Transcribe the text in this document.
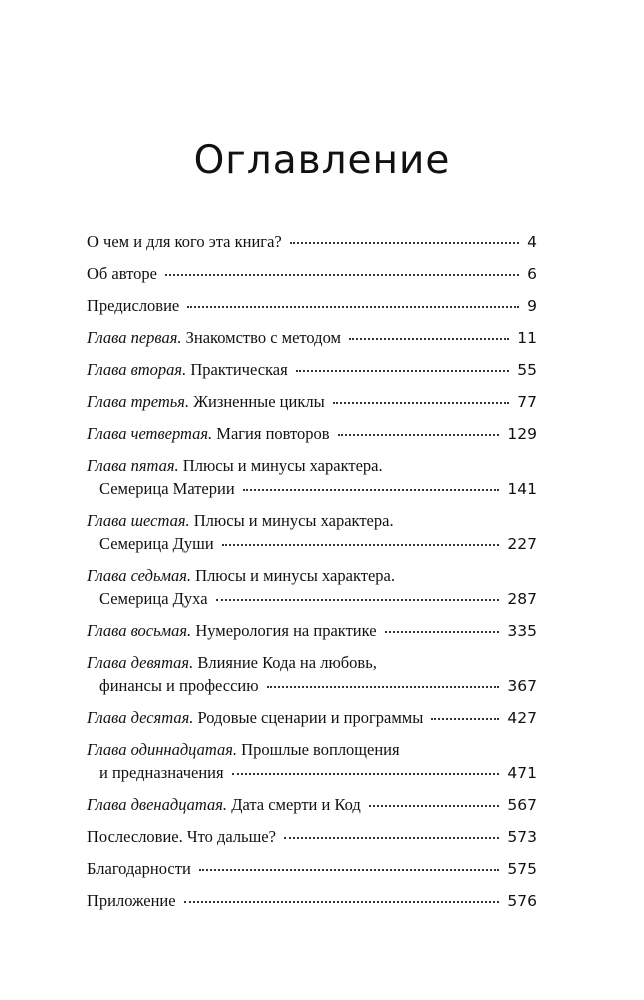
Оглавление
О чем и для кого эта книга?	4
Об авторе	6
Предисловие	9
Глава первая. Знакомство с методом	11
Глава вторая. Практическая	55
Глава третья. Жизненные циклы	77
Глава четвертая. Магия повторов	129
Глава пятая. Плюсы и минусы характера.
Семерица Материи	141
Глава шестая. Плюсы и минусы характера.
Семерица Души	227
Глава седьмая. Плюсы и минусы характера.
Семерица Духа	287
Глава восьмая. Нумерология на практике	335
Глава девятая. Влияние Кода на любовь,
финансы и профессию	367
Глава десятая. Родовые сценарии и программы	427
Глава одиннадцатая. Прошлые воплощения
и предназначения	471
Глава двенадцатая. Дата смерти и Код	567
Послесловие. Что дальше?	573
Благодарности	575
Приложение	576
